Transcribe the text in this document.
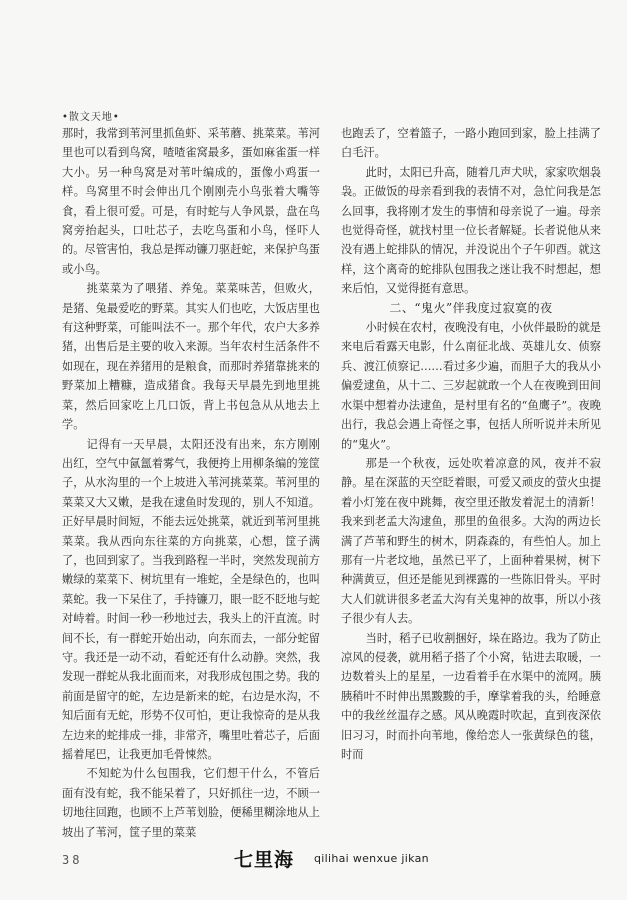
•散文天地•

那时，我常到苇河里抓鱼虾、采苇蘑、挑菜菜。苇河里也可以看到鸟窝，喳喳雀窝最多，蛋如麻雀蛋一样大小。另一种鸟窝是对苇叶编成的，蛋像小鸡蛋一样。鸟窝里不时会伸出几个刚刚壳小鸟张着大嘴等食，看上很可爱。可是，有时蛇与人争风景，盘在鸟窝旁抬起头，口吐芯子，去吃鸟蛋和小鸟，怪吓人的。尽管害怕，我总是挥动镰刀驱赶蛇，来保护鸟蛋或小鸟。

挑菜菜为了喂猪、养兔。菜菜味苦，但败火，是猪、兔最爱吃的野菜。其实人们也吃，大饭店里也有这种野菜，可能叫法不一。那个年代，农户大多养猪，出售后是主要的收入来源。当年农村生活条件不如现在，现在养猪用的是粮食，而那时养猪靠挑来的野菜加上糟糠，造成猪食。我每天早晨先到地里挑菜，然后回家吃上几口饭，背上书包急从从地去上学。

记得有一天早晨，太阳还没有出来，东方刚刚出红，空气中氤氲着雾气，我便挎上用柳条编的笼筐子，从水沟里的一个上坡进入苇河挑菜菜。苇河里的菜菜又大又嫩，是我在逮鱼时发现的，别人不知道。正好早晨时间短，不能去远处挑菜，就近到苇河里挑菜菜。我从西向东往菜的方向挑菜，心想，筐子满了，也回到家了。当我到路程一半时，突然发现前方嫩绿的菜菜下、树坑里有一堆蛇，全是绿色的，也叫菜蛇。我一下呆住了，手持镰刀，眼一眨不眨地与蛇对峙着。时间一秒一秒地过去，我头上的汗直流。时间不长，有一群蛇开始出动，向东而去，一部分蛇留守。我还是一动不动，看蛇还有什么动静。突然，我发现一群蛇从我北面而来，对我形成包围之势。我的前面是留守的蛇，左边是新来的蛇，右边是水沟，不知后面有无蛇，形势不仅可怕，更让我惊奇的是从我左边来的蛇排成一排，非常齐，嘴里吐着芯子，后面摇着尾巴，让我更加毛骨悚然。

不知蛇为什么包围我，它们想干什么，不管后面有没有蛇，我不能呆着了，只好抓往一边，不顾一切地往回跑，也顾不上芦苇划脸，便稀里糊涂地从上坡出了苇河，筐子里的菜菜

也跑丢了，空着篮子，一路小跑回到家，脸上挂满了白毛汗。

此时，太阳已升高，随着几声犬吠，家家吹烟袅袅。正做饭的母亲看到我的表情不对，急忙问我是怎么回事，我将刚才发生的事情和母亲说了一遍。母亲也觉得奇怪，就找村里一位长者解疑。长者说他从来没有遇上蛇排队的情况，并没说出个子午卯酉。就这样，这个离奇的蛇排队包围我之迷让我不时想起，想来后怕，又觉得挺有意思。

二、“鬼火”伴我度过寂寞的夜

小时候在农村，夜晚没有电，小伙伴最盼的就是来电后看露天电影，什么南征北战、英雄儿女、侦察兵、渡江侦察记……看过多少遍，而胆子大的我从小偏爱逮鱼，从十二、三岁起就敢一个人在夜晚到田间水渠中想着办法逮鱼，是村里有名的“鱼鹰子”。夜晚出行，我总会遇上奇怪之事，包括人所听说并未所见的“鬼火”。

那是一个秋夜，远处吹着凉意的风，夜并不寂静。星在深蓝的天空眨着眼，可爱又顽皮的萤火虫提着小灯笼在夜中跳舞，夜空里还散发着泥土的清新！我来到老孟大沟逮鱼，那里的鱼很多。大沟的两边长满了芦苇和野生的树木，阴森森的，有些怕人。加上那有一片老坟地，虽然已平了，上面种着果树，树下种满黄豆，但还是能见到裸露的一些陈旧骨头。平时大人们就讲很多老孟大沟有关鬼神的故事，所以小孩子很少有人去。

当时，稻子已收割捆好，垛在路边。我为了防止凉风的侵袭，就用稻子搭了个小窝，钻进去取暖，一边数着头上的星星，一边看着手在水渠中的流网。胰胰稍叶不时伸出黑黢黢的手，摩挲着我的头，给睡意中的我丝丝温存之感。风从晚霞时吹起，直到夜深依旧习习，时而扑向苇地，像给恋人一张黄绿色的毯，时而

38	七里海 qilihai wenxue jikan
